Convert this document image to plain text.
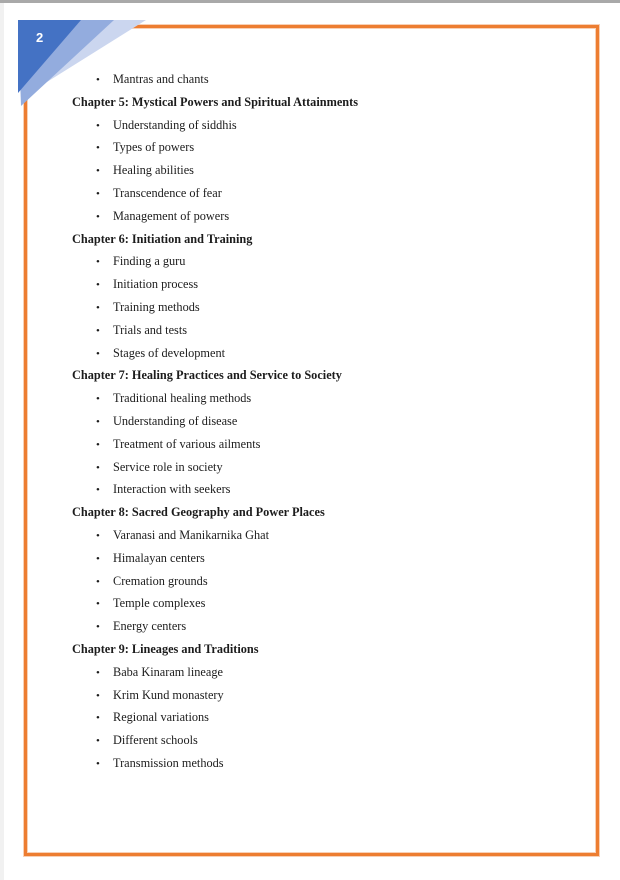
2
• Mantras and chants
Chapter 5: Mystical Powers and Spiritual Attainments
• Understanding of siddhis
• Types of powers
• Healing abilities
• Transcendence of fear
• Management of powers
Chapter 6: Initiation and Training
• Finding a guru
• Initiation process
• Training methods
• Trials and tests
• Stages of development
Chapter 7: Healing Practices and Service to Society
• Traditional healing methods
• Understanding of disease
• Treatment of various ailments
• Service role in society
• Interaction with seekers
Chapter 8: Sacred Geography and Power Places
• Varanasi and Manikarnika Ghat
• Himalayan centers
• Cremation grounds
• Temple complexes
• Energy centers
Chapter 9: Lineages and Traditions
• Baba Kinaram lineage
• Krim Kund monastery
• Regional variations
• Different schools
• Transmission methods
